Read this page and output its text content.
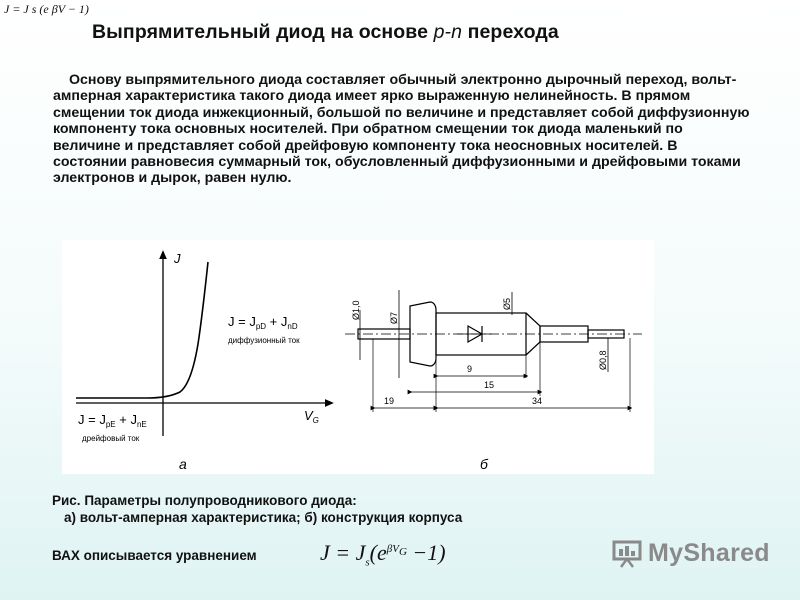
J = J s (e βV − 1)
Выпрямительный диод на основе p-n перехода

Основу выпрямительного диода составляет обычный электронно дырочный переход, вольт-амперная характеристика такого диода имеет ярко выраженную нелинейность. В прямом смещении ток диода инжекционный, большой по величине и представляет собой диффузионную компоненту тока основных носителей. При обратном смещении ток диода маленький по величине и представляет собой дрейфовую компоненту тока неосновных носителей. В состоянии равновесия суммарный ток, обусловленный диффузионными и дрейфовыми токами электронов и дырок, равен нулю.

J
$V_G$
$J = J_{pD} + J_{nD}$
диффузионный ток
$J = J_{pE} + J_{nE}$
дрейфовый ток
а
Ø1,0	Ø7
Ø5
Ø0,8
9
15
19	34
б
Рис. Параметры полупроводникового диода:
а) вольт-амперная характеристика; б) конструкция корпуса
ВАХ описывается уравнением	$J = J_s(e^{\beta V_G} -1)$	MyShared
